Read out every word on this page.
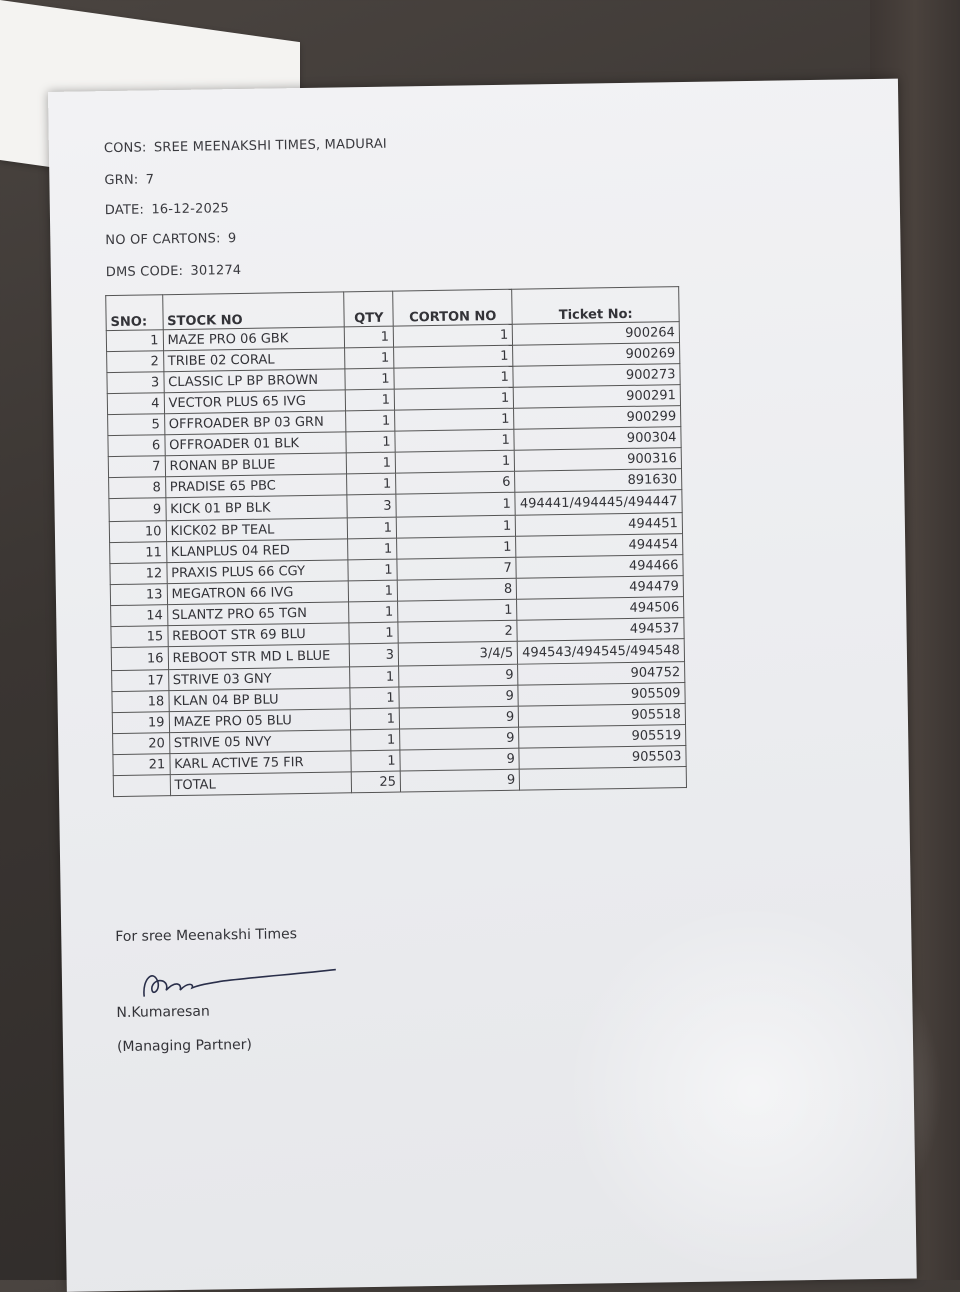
CONS: SREE MEENAKSHI TIMES, MADURAI
GRN: 7
DATE: 16-12-2025
NO OF CARTONS: 9
DMS CODE: 301274
SNO:	STOCK NO	QTY	CORTON NO	Ticket No:
1	MAZE PRO 06 GBK	1	1	900264
2	TRIBE 02 CORAL	1	1	900269
3	CLASSIC LP BP BROWN	1	1	900273
4	VECTOR PLUS 65 IVG	1	1	900291
5	OFFROADER BP 03 GRN	1	1	900299
6	OFFROADER 01 BLK	1	1	900304
7	RONAN BP BLUE	1	1	900316
8	PRADISE 65 PBC	1	6	891630
9	KICK 01 BP BLK	3	1	494441/494445/494447
10	KICK02 BP TEAL	1	1	494451
11	KLANPLUS 04 RED	1	1	494454
12	PRAXIS PLUS 66 CGY	1	7	494466
13	MEGATRON 66 IVG	1	8	494479
14	SLANTZ PRO 65 TGN	1	1	494506
15	REBOOT STR 69 BLU	1	2	494537
16	REBOOT STR MD L BLUE	3	3/4/5	494543/494545/494548
17	STRIVE 03 GNY	1	9	904752
18	KLAN 04 BP BLU	1	9	905509
19	MAZE PRO 05 BLU	1	9	905518
20	STRIVE 05 NVY	1	9	905519
21	KARL ACTIVE 75 FIR	1	9	905503
	TOTAL	25	9	
For sree Meenakshi Times
N.Kumaresan
(Managing Partner)
